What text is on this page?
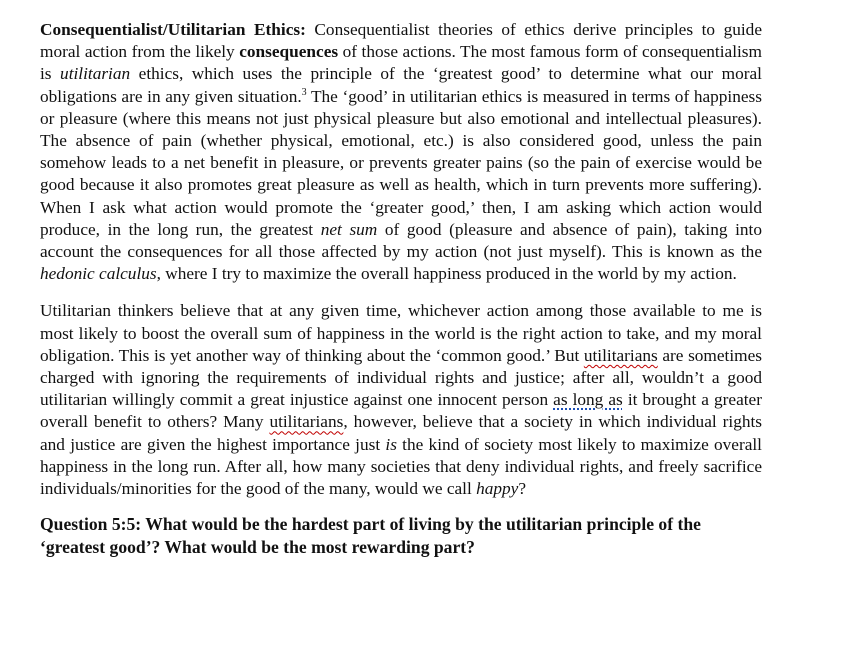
Consequentialist/Utilitarian Ethics: Consequentialist theories of ethics derive principles to guide moral action from the likely consequences of those actions. The most famous form of consequentialism is utilitarian ethics, which uses the principle of the ‘greatest good’ to determine what our moral obligations are in any given situation.$^3$ The ‘good’ in utilitarian ethics is measured in terms of happiness or pleasure (where this means not just physical pleasure but also emotional and intellectual pleasures). The absence of pain (whether physical, emotional, etc.) is also considered good, unless the pain somehow leads to a net benefit in pleasure, or prevents greater pains (so the pain of exercise would be good because it also promotes great pleasure as well as health, which in turn prevents more suffering). When I ask what action would promote the ‘greater good,’ then, I am asking which action would produce, in the long run, the greatest net sum of good (pleasure and absence of pain), taking into account the consequences for all those affected by my action (not just myself). This is known as the hedonic calculus, where I try to maximize the overall happiness produced in the world by my action.

Utilitarian thinkers believe that at any given time, whichever action among those available to me is most likely to boost the overall sum of happiness in the world is the right action to take, and my moral obligation. This is yet another way of thinking about the ‘common good.’ But utilitarians are sometimes charged with ignoring the requirements of individual rights and justice; after all, wouldn’t a good utilitarian willingly commit a great injustice against one innocent person as long as it brought a greater overall benefit to others? Many utilitarians, however, believe that a society in which individual rights and justice are given the highest importance just is the kind of society most likely to maximize overall happiness in the long run. After all, how many societies that deny individual rights, and freely sacrifice individuals/minorities for the good of the many, would we call happy?

Question 5:5: What would be the hardest part of living by the utilitarian principle of the ‘greatest good’? What would be the most rewarding part?
